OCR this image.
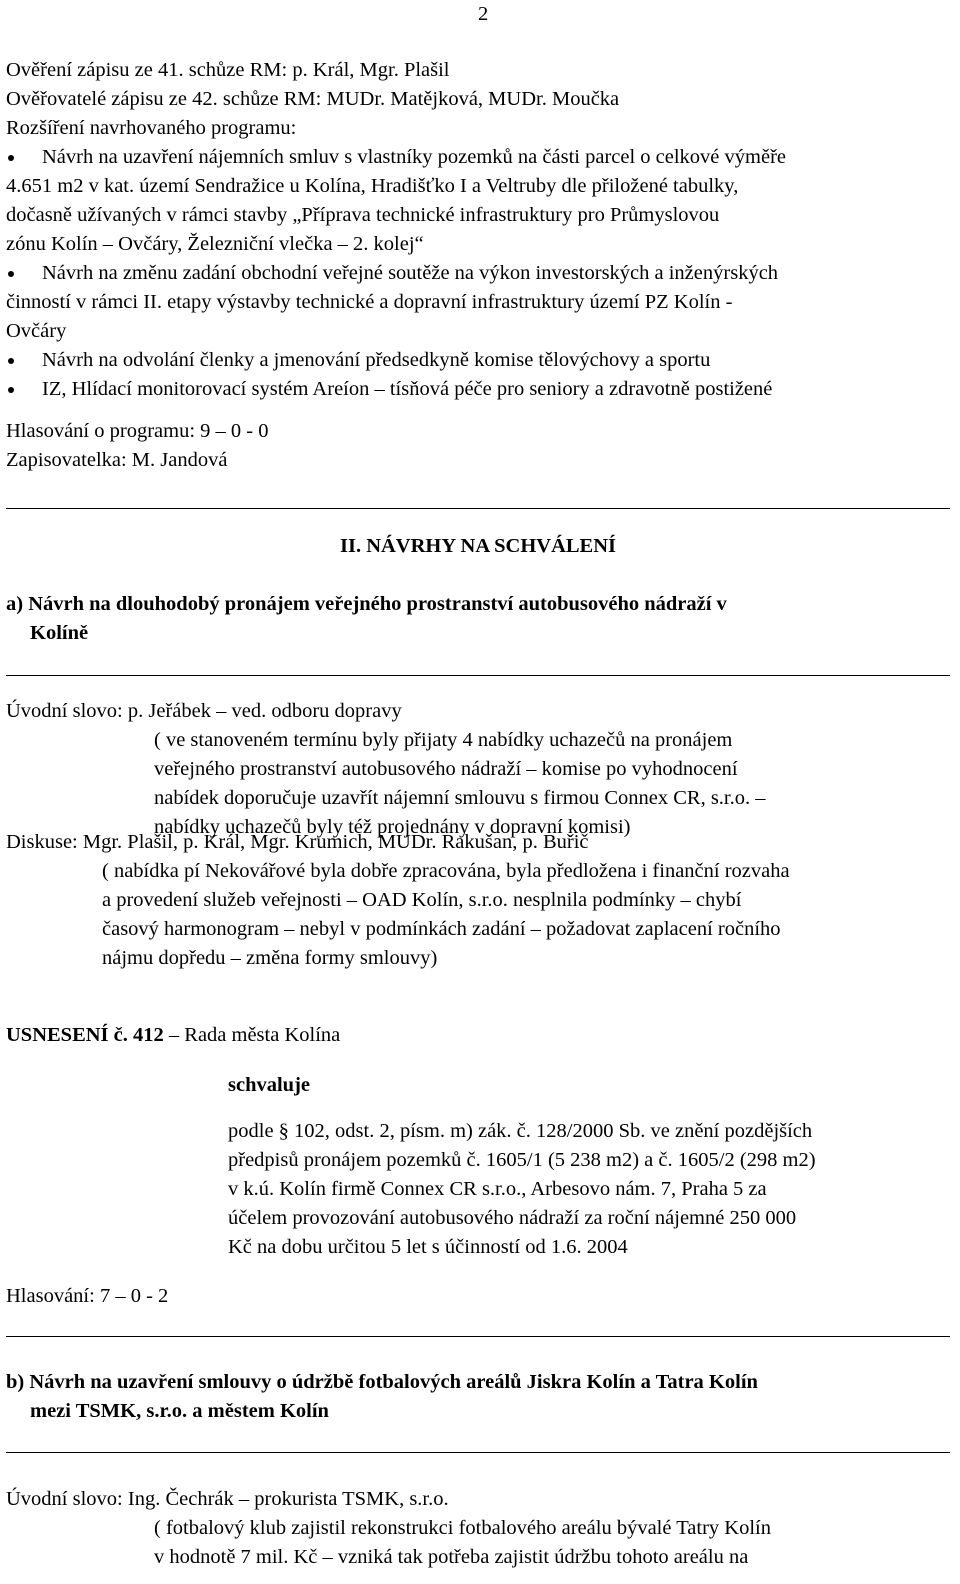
2
Ověření zápisu ze 41. schůze RM: p. Král, Mgr. Plašil
Ověřovatelé zápisu ze 42. schůze RM: MUDr. Matějková, MUDr. Moučka
Rozšíření navrhovaného programu:
Návrh na uzavření nájemních smluv s vlastníky pozemků na části parcel o celkové výměře
4.651 m2 v kat. území Sendražice u Kolína, Hradišťko I a Veltruby dle přiložené tabulky,
dočasně užívaných v rámci stavby „Příprava technické infrastruktury pro Průmyslovou
zónu Kolín – Ovčáry, Železniční vlečka – 2. kolej“
Návrh na změnu zadání obchodní veřejné soutěže na výkon investorských a inženýrských
činností v rámci II. etapy výstavby technické a dopravní infrastruktury území PZ Kolín -
Ovčáry
Návrh na odvolání členky a jmenování předsedkyně komise tělovýchovy a sportu
IZ, Hlídací monitorovací systém Areíon – tísňová péče pro seniory a zdravotně postižené
Hlasování o programu: 9 – 0 - 0
Zapisovatelka: M. Jandová
II. NÁVRHY NA SCHVÁLENÍ
a) Návrh na dlouhodobý pronájem veřejného prostranství autobusového nádraží v
Kolíně
Úvodní slovo: p. Jeřábek – ved. odboru dopravy
( ve stanoveném termínu byly přijaty 4 nabídky uchazečů na pronájem
veřejného prostranství autobusového nádraží – komise po vyhodnocení
nabídek doporučuje uzavřít nájemní smlouvu s firmou Connex CR, s.r.o. –
nabídky uchazečů byly též projednány v dopravní komisi)
Diskuse: Mgr. Plašil, p. Král, Mgr. Krumich, MUDr. Rakušan, p. Buřič
( nabídka pí Nekovářové byla dobře zpracována, byla předložena i finanční rozvaha
a provedení služeb veřejnosti – OAD Kolín, s.r.o. nesplnila podmínky – chybí
časový harmonogram – nebyl v podmínkách zadání – požadovat zaplacení ročního
nájmu dopředu – změna formy smlouvy)
USNESENÍ č. 412 – Rada města Kolína
schvaluje
podle § 102, odst. 2, písm. m) zák. č. 128/2000 Sb. ve znění pozdějších
předpisů pronájem pozemků č. 1605/1 (5 238 m2) a č. 1605/2 (298 m2)
v k.ú. Kolín firmě Connex CR s.r.o., Arbesovo nám. 7, Praha 5 za
účelem provozování autobusového nádraží za roční nájemné 250 000
Kč na dobu určitou 5 let s účinností od 1.6. 2004
Hlasování: 7 – 0 - 2
b) Návrh na uzavření smlouvy o údržbě fotbalových areálů Jiskra Kolín a Tatra Kolín
mezi TSMK, s.r.o. a městem Kolín
Úvodní slovo: Ing. Čechrák – prokurista TSMK, s.r.o.
( fotbalový klub zajistil rekonstrukci fotbalového areálu bývalé Tatry Kolín
v hodnotě 7 mil. Kč – vzniká tak potřeba zajistit údržbu tohoto areálu na
